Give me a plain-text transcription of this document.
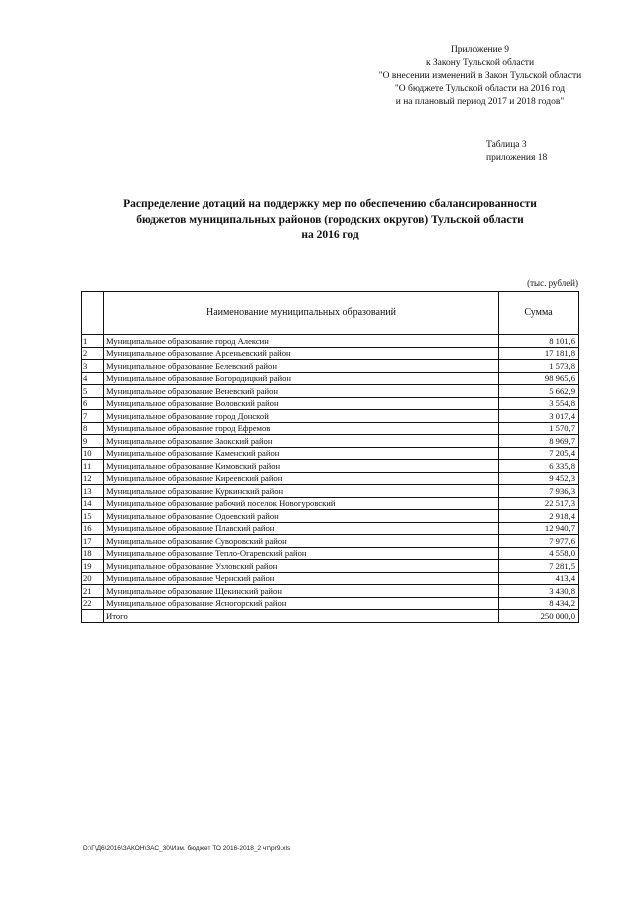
Приложение 9
к Закону Тульской области
"О внесении изменений в Закон Тульской области
"О бюджете Тульской области на 2016 год
и на плановый период 2017 и 2018 годов"
Таблица 3
приложения 18
Распределение дотаций на поддержку мер по обеспечению сбалансированности
бюджетов муниципальных районов (городских округов) Тульской области
на 2016 год
(тыс. рублей)
	Наименование муниципальных образований	Сумма
1	Муниципальное образование город Алексин	8 101,6
2	Муниципальное образование Арсеньевский район	17 181,8
3	Муниципальное образование Белевский район	1 573,8
4	Муниципальное образование Богородицкий район	98 965,6
5	Муниципальное образование Веневский район	5 662,9
6	Муниципальное образование Воловский район	3 554,8
7	Муниципальное образование город Донской	3 017,4
8	Муниципальное образование город Ефремов	1 570,7
9	Муниципальное образование Заокский район	8 969,7
10	Муниципальное образование Каменский район	7 205,4
11	Муниципальное образование Кимовский район	6 335,8
12	Муниципальное образование Киреевский район	9 452,3
13	Муниципальное образование Куркинский район	7 936,3
14	Муниципальное образование рабочий поселок Новогуровский	22 517,3
15	Муниципальное образование Одоевский район	2 918,4
16	Муниципальное образование Плавский район	12 940,7
17	Муниципальное образование Суворовский район	7 977,6
18	Муниципальное образование Тепло-Огаревский район	4 558,0
19	Муниципальное образование Узловский район	7 281,5
20	Муниципальное образование Чернский район	413,4
21	Муниципальное образование Щекинский район	3 430,8
22	Муниципальное образование Ясногорский район	8 434,2
	Итого	250 000,0
D:\Г\Д6\2016\ЗАКОН\ЗАС_30\Изм. бюджет ТО 2016-2018_2 чт\pr9.xls
